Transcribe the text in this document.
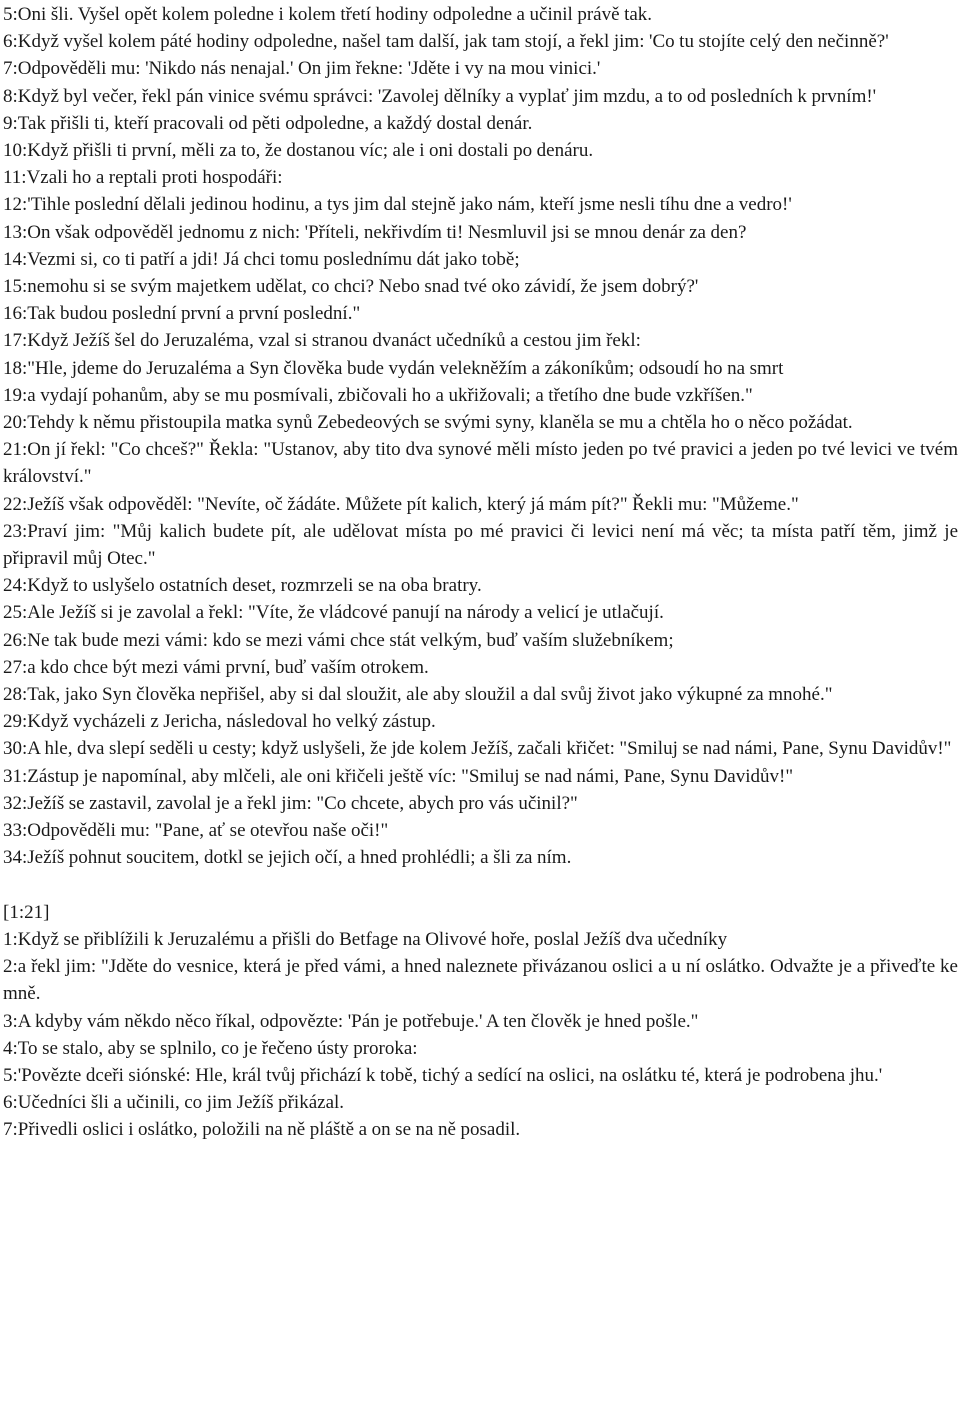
5:Oni šli. Vyšel opět kolem poledne i kolem třetí hodiny odpoledne a učinil právě tak.

6:Když vyšel kolem páté hodiny odpoledne, našel tam další, jak tam stojí, a řekl jim: 'Co tu stojíte celý den nečinně?'

7:Odpověděli mu: 'Nikdo nás nenajal.' On jim řekne: 'Jděte i vy na mou vinici.'

8:Když byl večer, řekl pán vinice svému správci: 'Zavolej dělníky a vyplať jim mzdu, a to od posledních k prvním!'

9:Tak přišli ti, kteří pracovali od pěti odpoledne, a každý dostal denár.

10:Když přišli ti první, měli za to, že dostanou víc; ale i oni dostali po denáru.

11:Vzali ho a reptali proti hospodáři:

12:'Tihle poslední dělali jedinou hodinu, a tys jim dal stejně jako nám, kteří jsme nesli tíhu dne a vedro!'

13:On však odpověděl jednomu z nich: 'Příteli, nekřivdím ti! Nesmluvil jsi se mnou denár za den?

14:Vezmi si, co ti patří a jdi! Já chci tomu poslednímu dát jako tobě;

15:nemohu si se svým majetkem udělat, co chci? Nebo snad tvé oko závidí, že jsem dobrý?'

16:Tak budou poslední první a první poslední."

17:Když Ježíš šel do Jeruzaléma, vzal si stranou dvanáct učedníků a cestou jim řekl:

18:"Hle, jdeme do Jeruzaléma a Syn člověka bude vydán velekněžím a zákoníkům; odsoudí ho na smrt

19:a vydají pohanům, aby se mu posmívali, zbičovali ho a ukřižovali; a třetího dne bude vzkříšen."

20:Tehdy k němu přistoupila matka synů Zebedeových se svými syny, klaněla se mu a chtěla ho o něco požádat.

21:On jí řekl: "Co chceš?" Řekla: "Ustanov, aby tito dva synové měli místo jeden po tvé pravici a jeden po tvé levici ve tvém království."

22:Ježíš však odpověděl: "Nevíte, oč žádáte. Můžete pít kalich, který já mám pít?" Řekli mu: "Můžeme."

23:Praví jim: "Můj kalich budete pít, ale udělovat místa po mé pravici či levici není má věc; ta místa patří těm, jimž je připravil můj Otec."

24:Když to uslyšelo ostatních deset, rozmrzeli se na oba bratry.

25:Ale Ježíš si je zavolal a řekl: "Víte, že vládcové panují na národy a velicí je utlačují.

26:Ne tak bude mezi vámi: kdo se mezi vámi chce stát velkým, buď vaším služebníkem;

27:a kdo chce být mezi vámi první, buď vaším otrokem.

28:Tak, jako Syn člověka nepřišel, aby si dal sloužit, ale aby sloužil a dal svůj život jako výkupné za mnohé."

29:Když vycházeli z Jericha, následoval ho velký zástup.

30:A hle, dva slepí seděli u cesty; když uslyšeli, že jde kolem Ježíš, začali křičet: "Smiluj se nad námi, Pane, Synu Davidův!"

31:Zástup je napomínal, aby mlčeli, ale oni křičeli ještě víc: "Smiluj se nad námi, Pane, Synu Davidův!"

32:Ježíš se zastavil, zavolal je a řekl jim: "Co chcete, abych pro vás učinil?"

33:Odpověděli mu: "Pane, ať se otevřou naše oči!"

34:Ježíš pohnut soucitem, dotkl se jejich očí, a hned prohlédli; a šli za ním.

[1:21]

1:Když se přiblížili k Jeruzalému a přišli do Betfage na Olivové hoře, poslal Ježíš dva učedníky

2:a řekl jim: "Jděte do vesnice, která je před vámi, a hned naleznete přivázanou oslici a u ní oslátko. Odvažte je a přiveďte ke mně.

3:A kdyby vám někdo něco říkal, odpovězte: 'Pán je potřebuje.' A ten člověk je hned pošle."

4:To se stalo, aby se splnilo, co je řečeno ústy proroka:

5:'Povězte dceři siónské: Hle, král tvůj přichází k tobě, tichý a sedící na oslici, na oslátku té, která je podrobena jhu.'

6:Učedníci šli a učinili, co jim Ježíš přikázal.

7:Přivedli oslici i oslátko, položili na ně pláště a on se na ně posadil.
